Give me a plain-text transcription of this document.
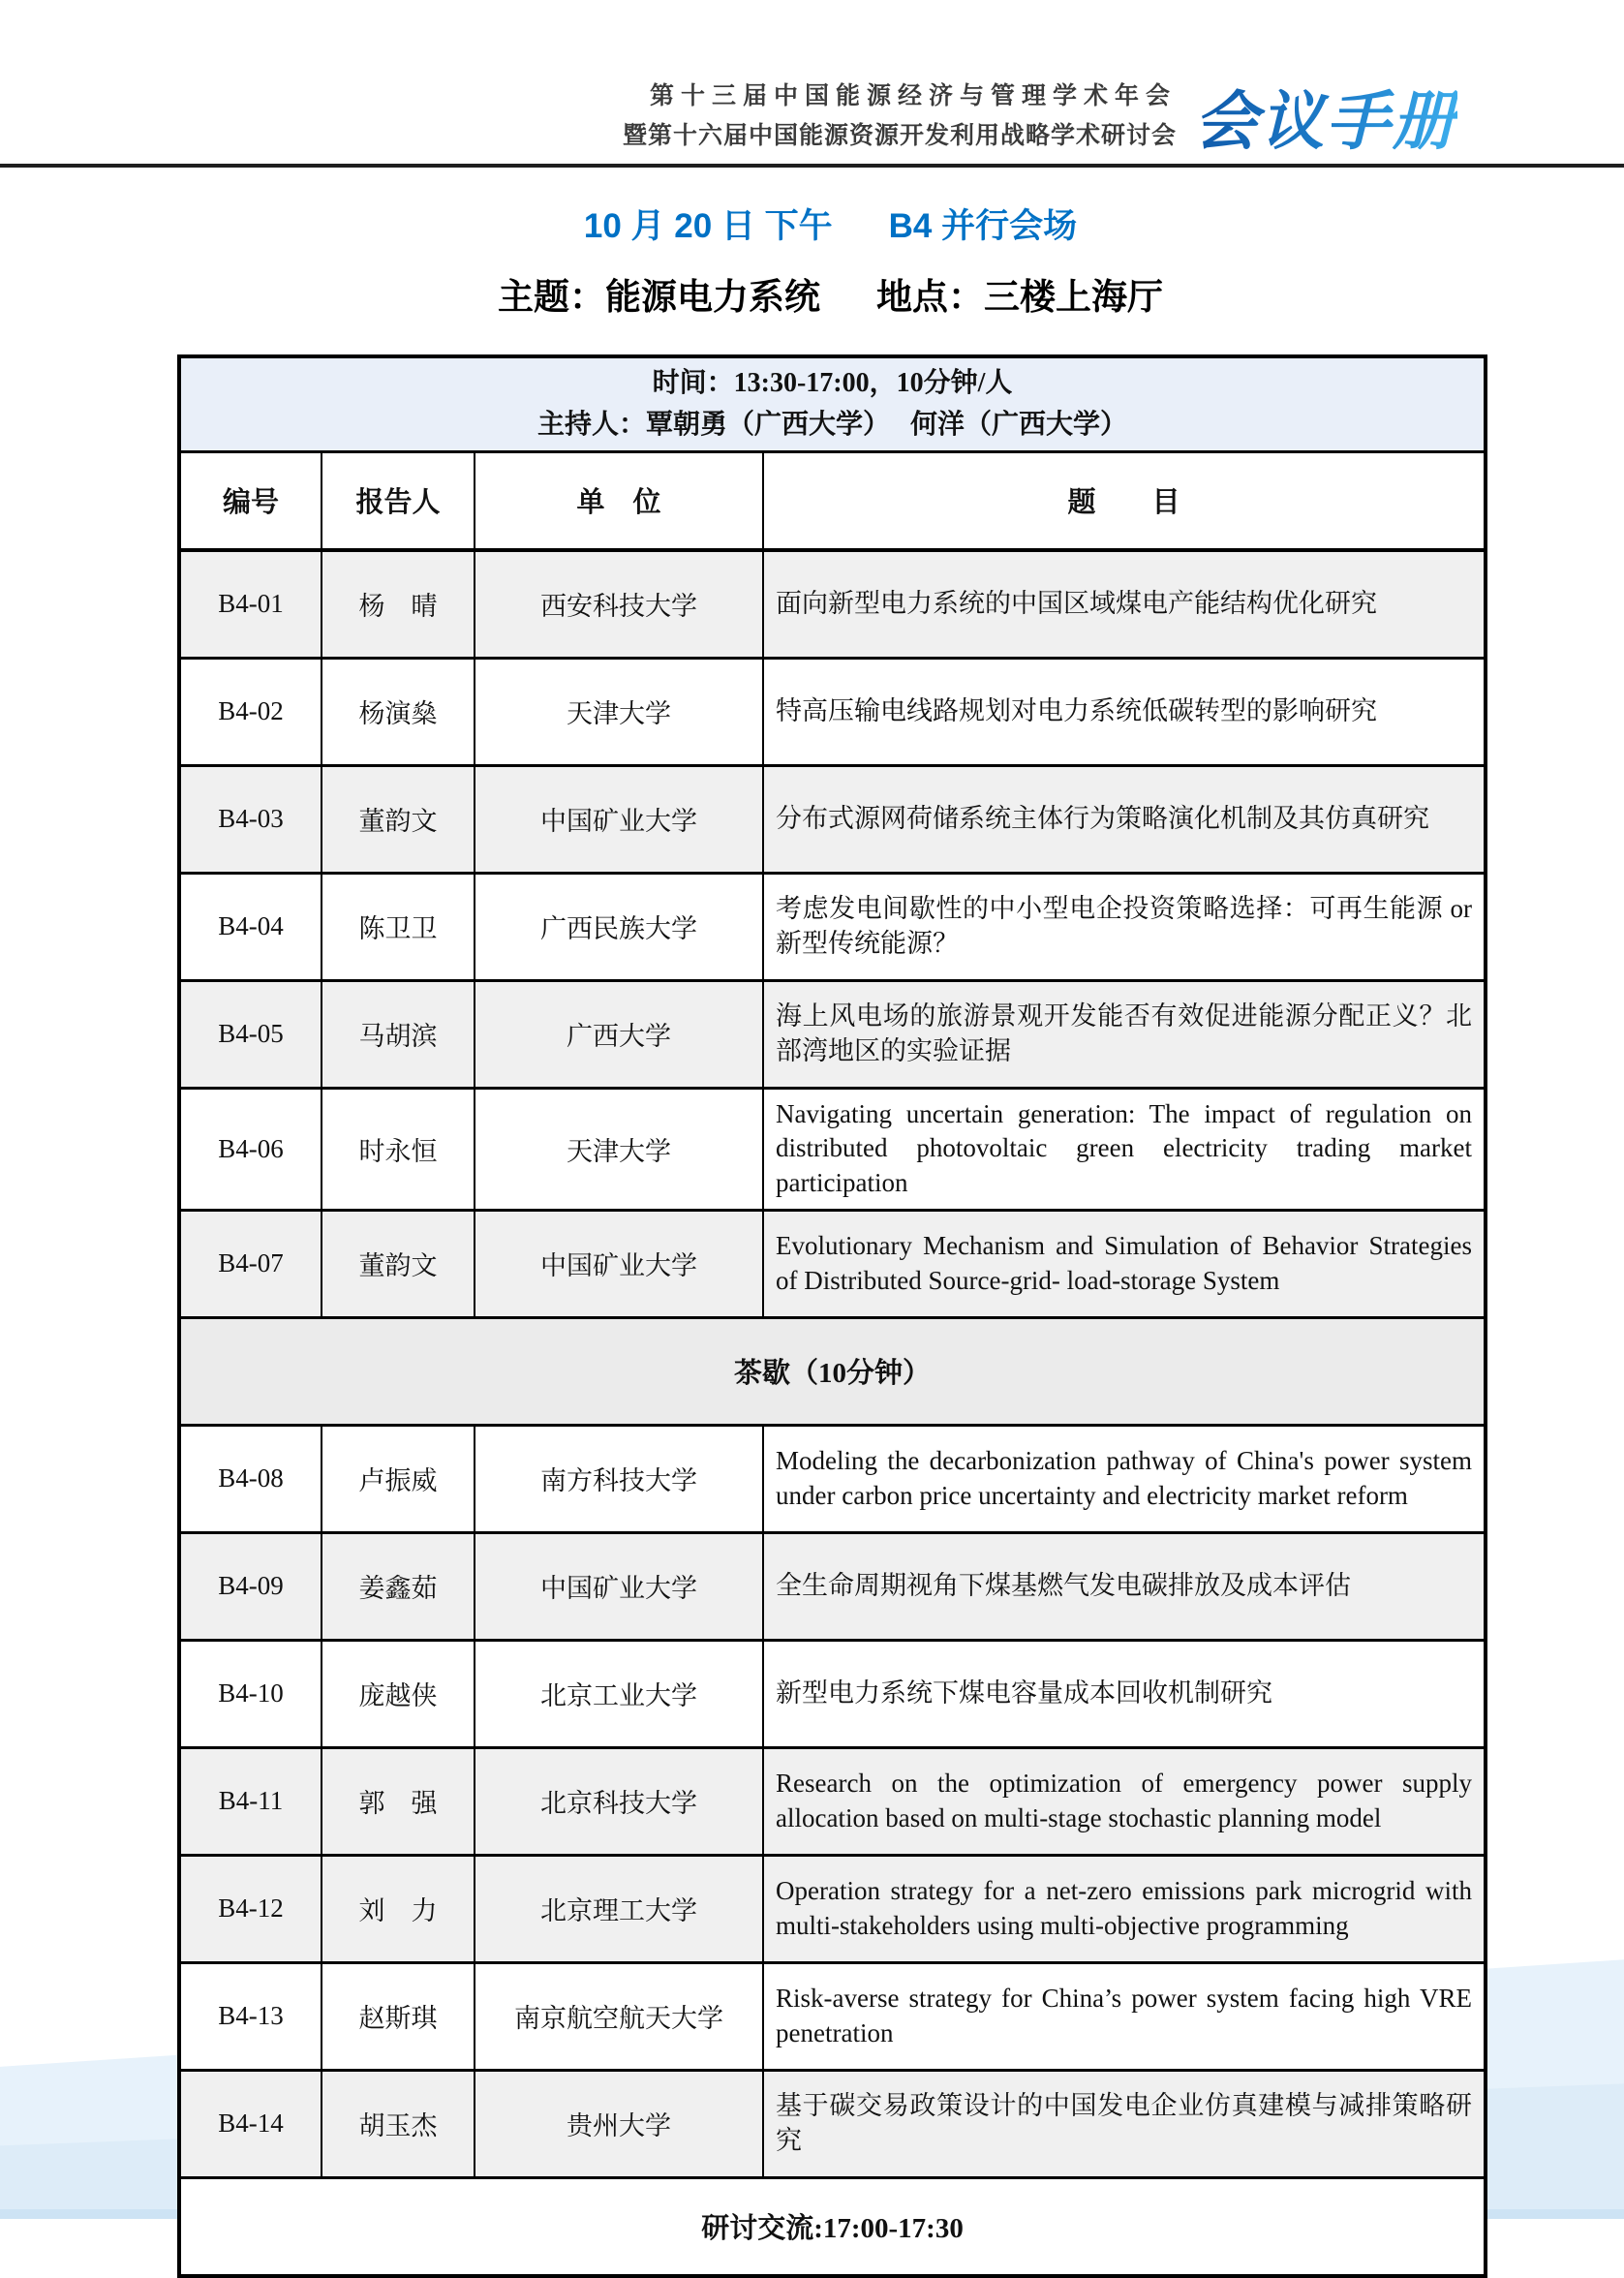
第十三届中国能源经济与管理学术年会
暨第十六届中国能源资源开发利用战略学术研讨会 会议手册
10 月 20 日 下午 B4 并行会场
主题：能源电力系统 地点：三楼上海厅
时间：13:30-17:00，10分钟/人
主持人：覃朝勇（广西大学）　 何洋（广西大学）			

编号	报告人	单　位	题　　目
B4-01	杨　晴	西安科技大学	面向新型电力系统的中国区域煤电产能结构优化研究
B4-02	杨演燊	天津大学	特高压输电线路规划对电力系统低碳转型的影响研究
B4-03	董韵文	中国矿业大学	分布式源网荷储系统主体行为策略演化机制及其仿真研究
B4-04	陈卫卫	广西民族大学	考虑发电间歇性的中小型电企投资策略选择：可再生能源 or 新型传统能源？
B4-05	马胡滨	广西大学	海上风电场的旅游景观开发能否有效促进能源分配正义？北部湾地区的实验证据
B4-06	时永恒	天津大学	Navigating uncertain generation: The impact of regulation on distributed photovoltaic green electricity trading market participation
B4-07	董韵文	中国矿业大学	Evolutionary Mechanism and Simulation of Behavior Strategies of Distributed Source-grid- load-storage System
茶歇（10分钟）			
B4-08	卢振威	南方科技大学	Modeling the decarbonization pathway of China's power system under carbon price uncertainty and electricity market reform
B4-09	姜鑫茹	中国矿业大学	全生命周期视角下煤基燃气发电碳排放及成本评估
B4-10	庞越侠	北京工业大学	新型电力系统下煤电容量成本回收机制研究
B4-11	郭　强	北京科技大学	Research on the optimization of emergency power supply allocation based on multi-stage stochastic planning model
B4-12	刘　力	北京理工大学	Operation strategy for a net-zero emissions park microgrid with multi-stakeholders using multi-objective programming
B4-13	赵斯琪	南京航空航天大学	Risk-averse strategy for China’s power system facing high VRE penetration
B4-14	胡玉杰	贵州大学	基于碳交易政策设计的中国发电企业仿真建模与减排策略研究
研讨交流:17:00-17:30			
